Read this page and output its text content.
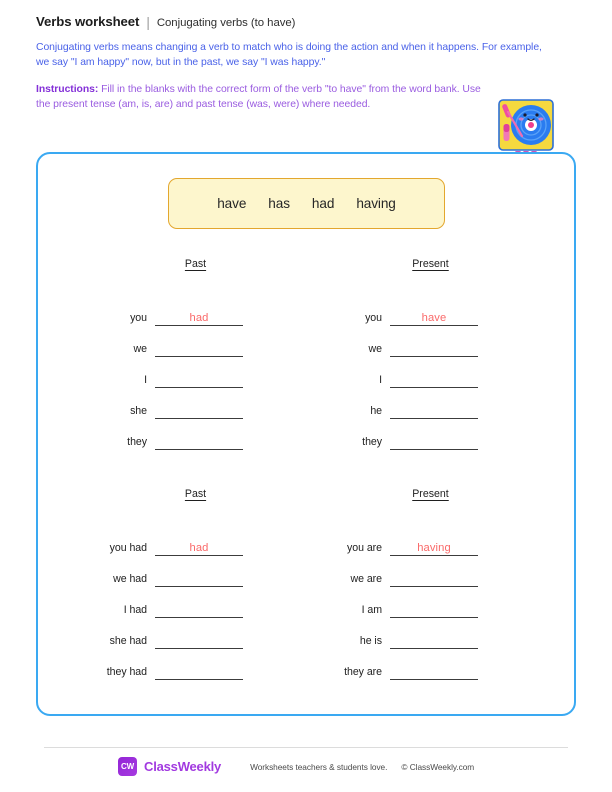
Verbs worksheet | Conjugating verbs (to have)
Conjugating verbs means changing a verb to match who is doing the action and when it happens. For example, we say "I am happy" now, but in the past, we say "I was happy."
Instructions: Fill in the blanks with the correct form of the verb "to have" from the word bank. Use the present tense (am, is, are) and past tense (was, were) where needed.
have has had having
Past
you	had
we
I
she
they
Present
you	have
we
I
he
they
Past
you had	had
we had
I had
she had
they had
Present
you are	having
we are
I am
he is
they are
CW ClassWeekly	Worksheets teachers & students love. © ClassWeekly.com
